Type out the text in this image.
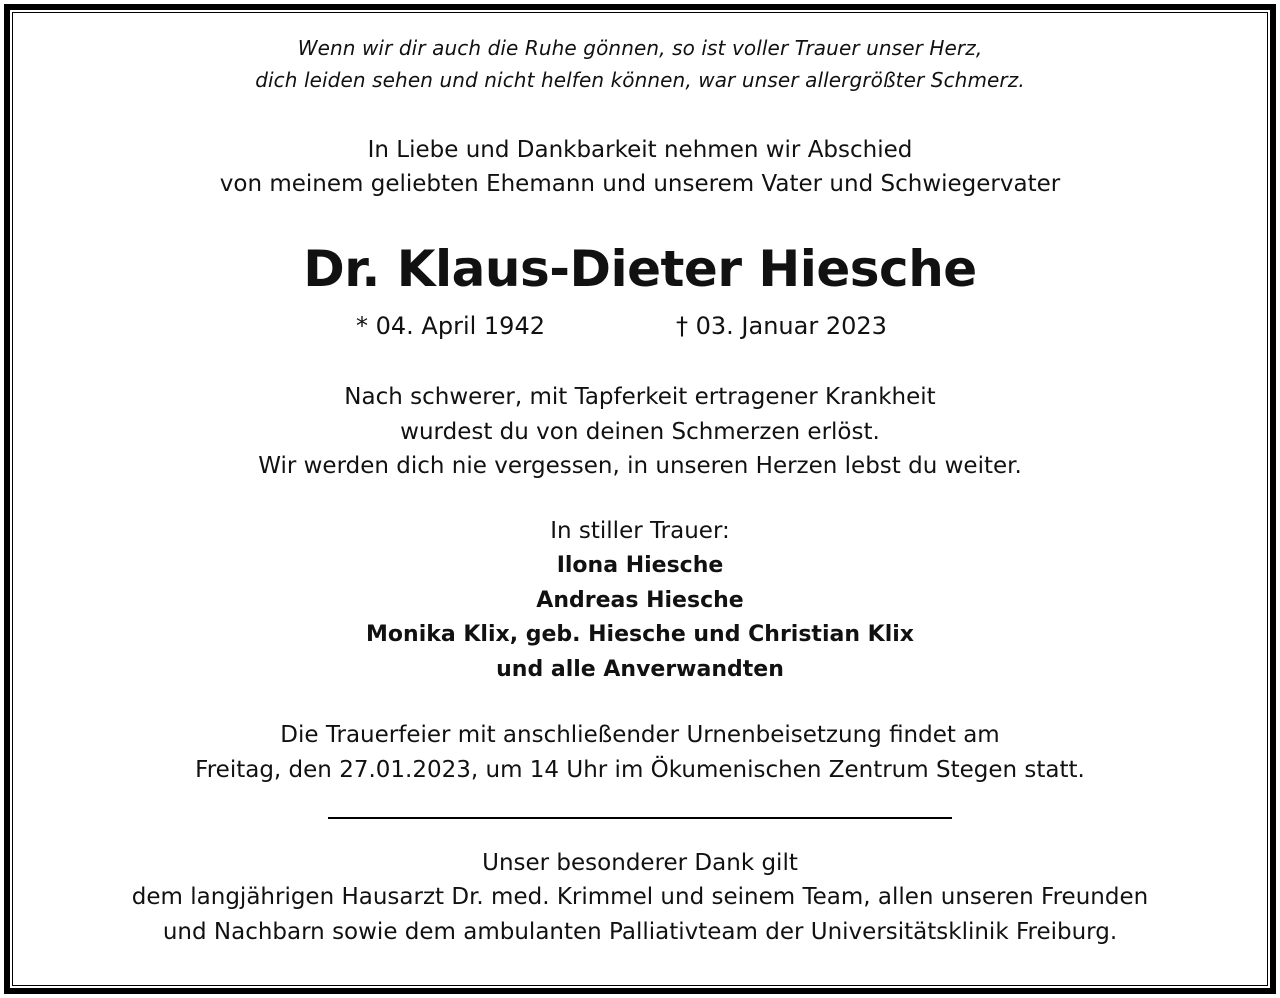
Wenn wir dir auch die Ruhe gönnen, so ist voller Trauer unser Herz,
dich leiden sehen und nicht helfen können, war unser allergrößter Schmerz.
In Liebe und Dankbarkeit nehmen wir Abschied
von meinem geliebten Ehemann und unserem Vater und Schwiegervater
Dr. Klaus-Dieter Hiesche
* 04. April 1942	† 03. Januar 2023
Nach schwerer, mit Tapferkeit ertragener Krankheit
wurdest du von deinen Schmerzen erlöst.
Wir werden dich nie vergessen, in unseren Herzen lebst du weiter.
In stiller Trauer:
Ilona Hiesche
Andreas Hiesche
Monika Klix, geb. Hiesche und Christian Klix
und alle Anverwandten
Die Trauerfeier mit anschließender Urnenbeisetzung findet am
Freitag, den 27.01.2023, um 14 Uhr im Ökumenischen Zentrum Stegen statt.
Unser besonderer Dank gilt
dem langjährigen Hausarzt Dr. med. Krimmel und seinem Team, allen unseren Freunden
und Nachbarn sowie dem ambulanten Palliativteam der Universitätsklinik Freiburg.
